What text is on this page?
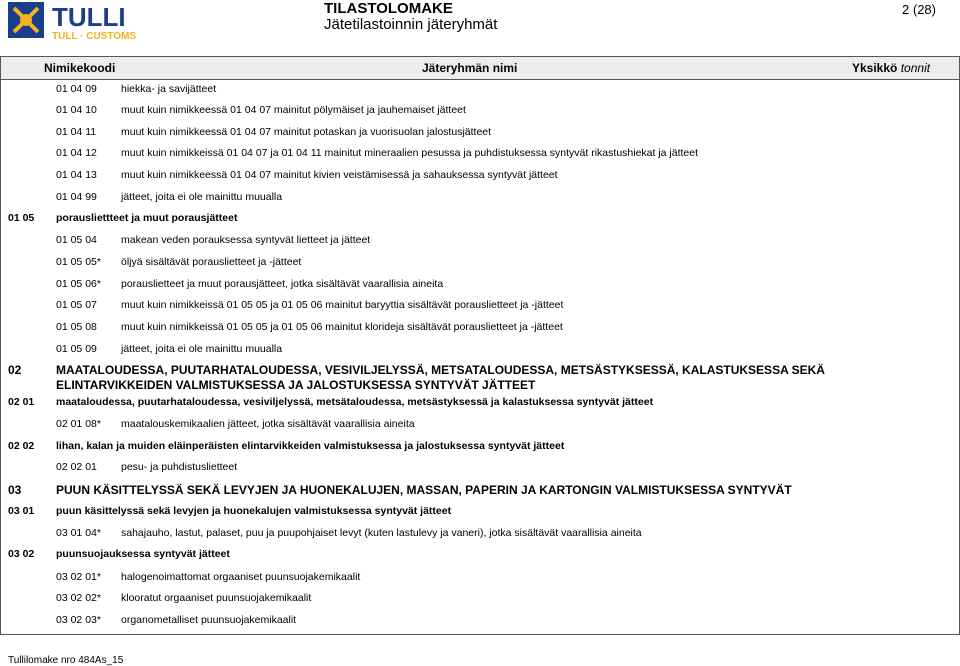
TULLI
TULL · CUSTOMS
TILASTOLOMAKE
Jätetilastoinnin jäteryhmät
2 (28)
Nimikekoodi	Jäteryhmän nimi	Yksikkö tonnit
01 04 09 hiekka- ja savijätteet
01 04 10 muut kuin nimikkeessä 01 04 07 mainitut pölymäiset ja jauhemaiset jätteet
01 04 11 muut kuin nimikkeessä 01 04 07 mainitut potaskan ja vuorisuolan jalostusjätteet
01 04 12 muut kuin nimikkeissä 01 04 07 ja 01 04 11 mainitut mineraalien pesussa ja puhdistuksessa syntyvät rikastushiekat ja jätteet
01 04 13 muut kuin nimikkeessä 01 04 07 mainitut kivien veistämisessä ja sahauksessa syntyvät jätteet
01 04 99 jätteet, joita ei ole mainittu muualla
01 05 porausliettteet ja muut porausjätteet
01 05 04 makean veden porauksessa syntyvät lietteet ja jätteet
01 05 05* öljyä sisältävät porauslietteet ja -jätteet
01 05 06* porauslietteet ja muut porausjätteet, jotka sisältävät vaarallisia aineita
01 05 07 muut kuin nimikkeissä 01 05 05 ja 01 05 06 mainitut baryyttia sisältävät porauslietteet ja -jätteet
01 05 08 muut kuin nimikkeissä 01 05 05 ja 01 05 06 mainitut klorideja sisältävät porauslietteet ja -jätteet
01 05 09 jätteet, joita ei ole mainittu muualla
02	MAATALOUDESSA, PUUTARHATALOUDESSA, VESIVILJELYSSÄ, METSATALOUDESSA, METSÄSTYKSESSÄ, KALASTUKSESSA SEKÄ ELINTARVIKKEIDEN VALMISTUKSESSA JA JALOSTUKSESSA SYNTYVÄT JÄTTEET
02 01 maataloudessa, puutarhataloudessa, vesiviljelyssä, metsätaloudessa, metsästyksessä ja kalastuksessa syntyvät jätteet
02 01 08* maatalouskemikaalien jätteet, jotka sisältävät vaarallisia aineita
02 02 lihan, kalan ja muiden eläinperäisten elintarvikkeiden valmistuksessa ja jalostuksessa syntyvät jätteet
02 02 01 pesu- ja puhdistuslietteet
03	PUUN KÄSITTELYSSÄ SEKÄ LEVYJEN JA HUONEKALUJEN, MASSAN, PAPERIN JA KARTONGIN VALMISTUKSESSA SYNTYVÄT
03 01 puun käsittelyssä sekä levyjen ja huonekalujen valmistuksessa syntyvät jätteet
03 01 04* sahajauho, lastut, palaset, puu ja puupohjaiset levyt (kuten lastulevy ja vaneri), jotka sisältävät vaarallisia aineita
03 02 puunsuojauksessa syntyvät jätteet
03 02 01* halogenoimattomat orgaaniset puunsuojakemikaalit
03 02 02* klooratut orgaaniset puunsuojakemikaalit
03 02 03* organometalliset puunsuojakemikaalit
Tullilomake nro 484As_15
